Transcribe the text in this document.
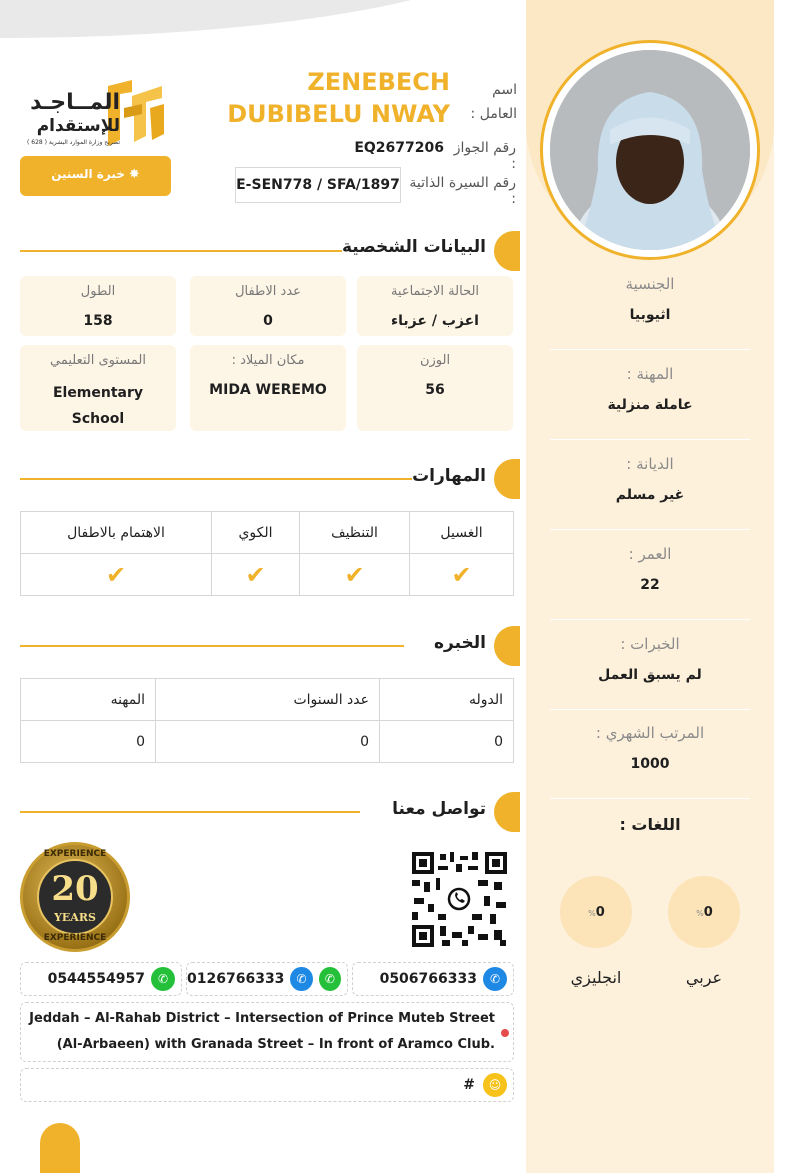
الجنسية
اثيوبيا
المهنة :
عاملة منزلية
الديانة :
غير مسلم
العمر :
22
الخبرات :
لم يسبق العمل
المرتب الشهري :
1000
اللغات :
%0
%0
عربي
انجليزي
المــاجـد
للإستقدام
تصريح وزارة الموارد البشرية ( 628 )
خبرة السنين ✸
اسم العامل :
ZENEBECH DUBIBELU NWAY
رقم الجواز :
EQ2677206
رقم السيرة الذاتية :
E-SEN778 / SFA/1897
البيانات الشخصية
الحالة الاجتماعية
اعزب / عزباء
عدد الاطفال
0
الطول
158
الوزن
56
مكان الميلاد :
MIDA WEREMO
المستوى التعليمي
Elementary School
المهارات
الغسيل	التنظيف	الكوي	الاهتمام بالاطفال
✔	✔	✔	✔
الخبره
الدوله	عدد السنوات	المهنه
0	0	0
تواصل معنا
EXPERIENCE
20
YEARS
EXPERIENCE
0506766333	✆
0126766333	✆	✆
0544554957	✆
Jeddah – Al-Rahab District – Intersection of Prince Muteb Street
(Al-Arbaeen) with Granada Street – In front of Aramco Club.
#	☺
